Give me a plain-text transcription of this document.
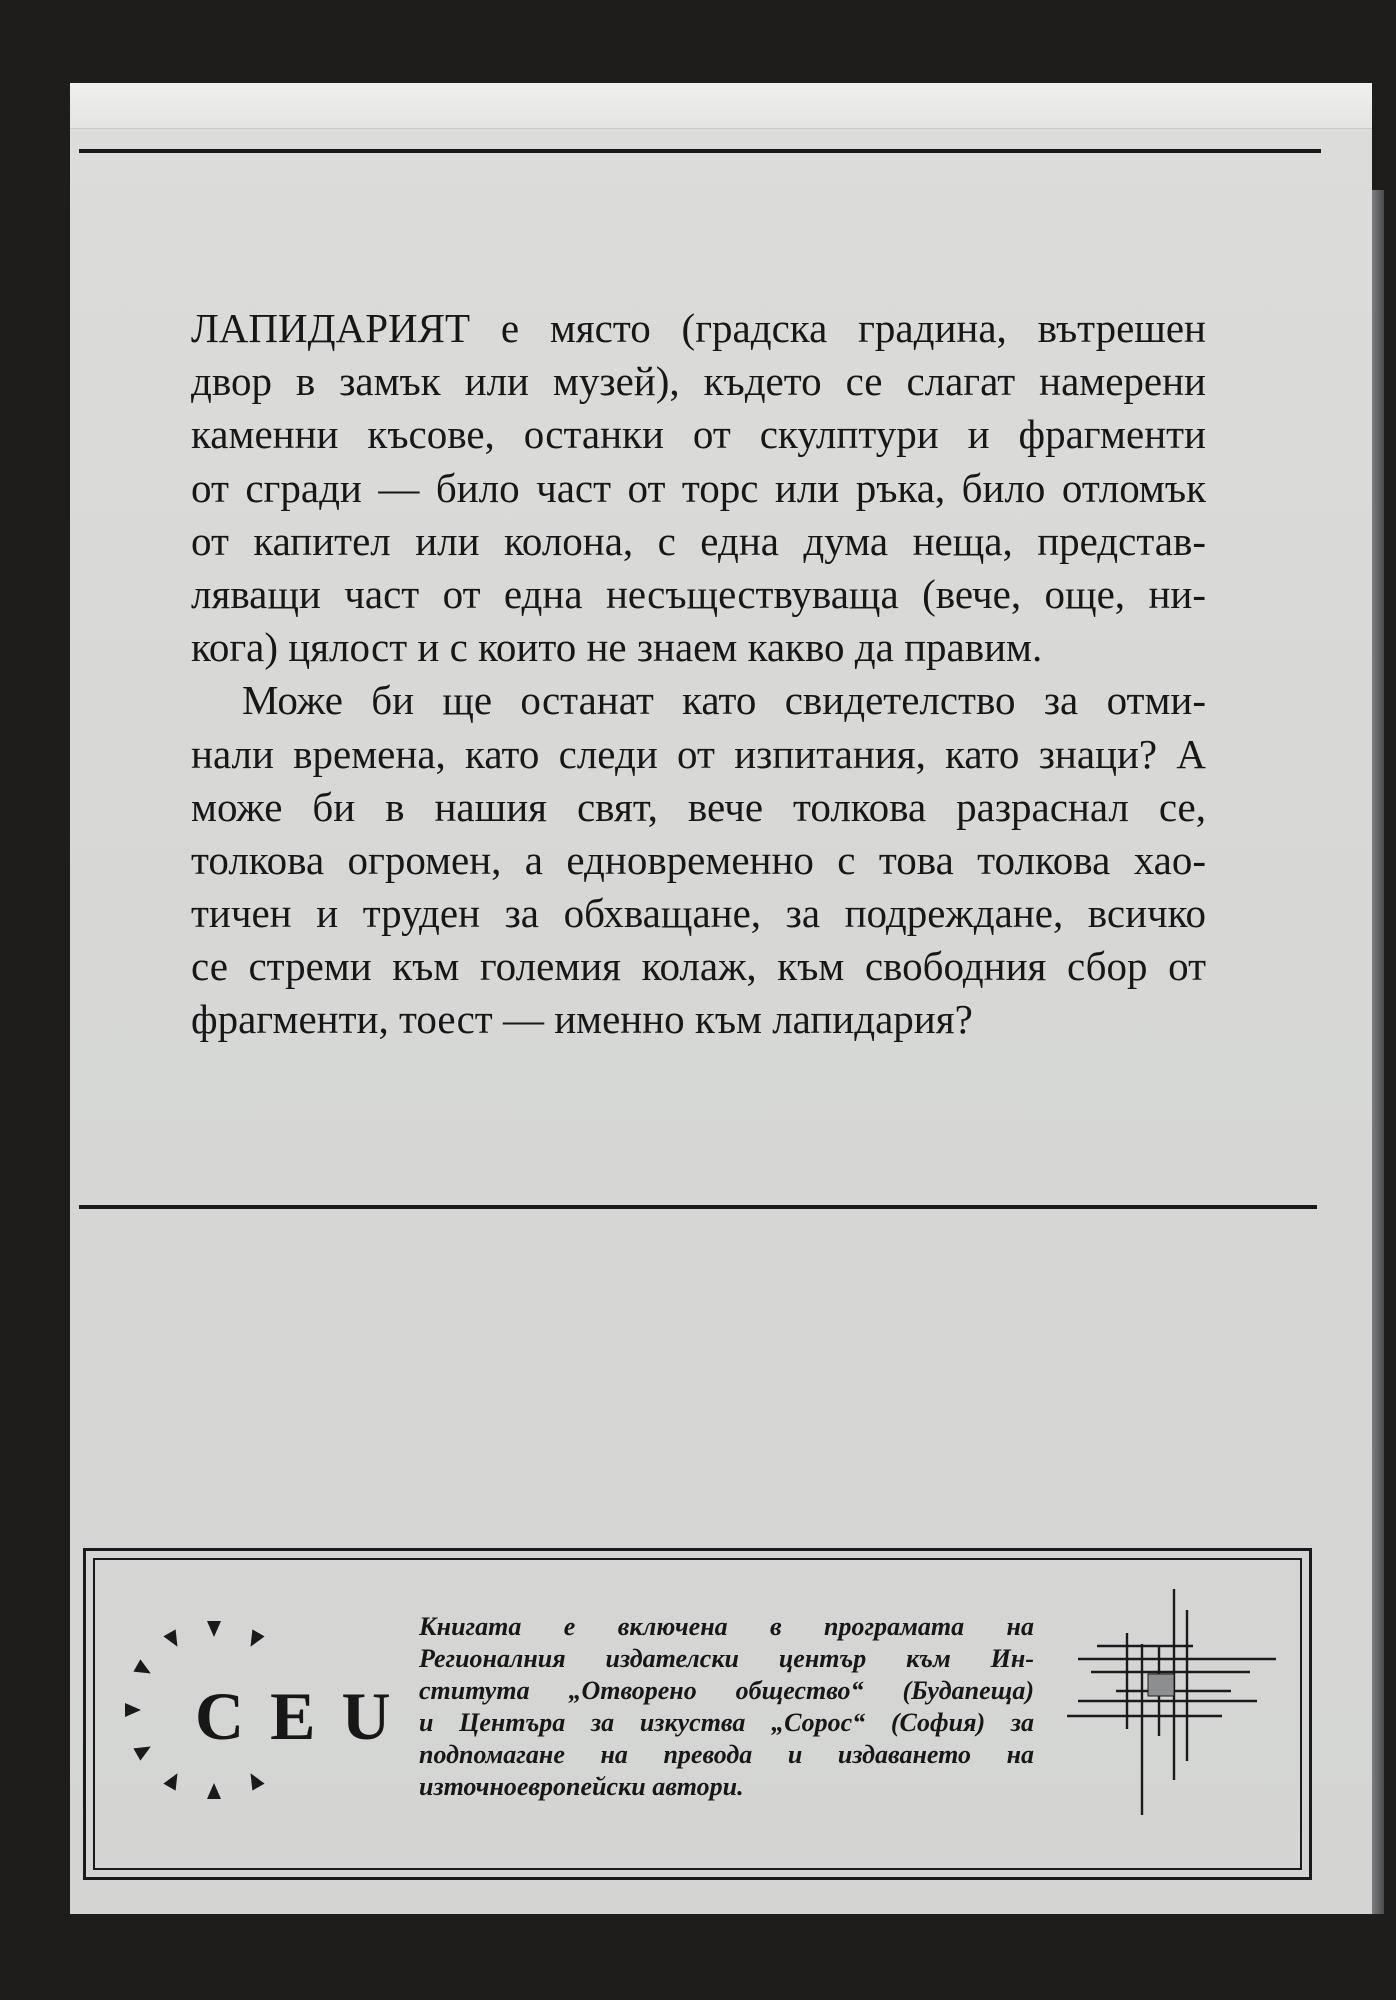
ЛАПИДАРИЯТ е място (градска градина, вътрешен
двор в замък или музей), където се слагат намерени
каменни късове, останки от скулптури и фрагменти
от сгради — било част от торс или ръка, било отломък
от капител или колона, с една дума неща, представ-
ляващи част от една несъществуваща (вече, още, ни-
кога) цялост и с които не знаем какво да правим.
Може би ще останат като свидетелство за отми-
нали времена, като следи от изпитания, като знаци? А
може би в нашия свят, вече толкова разраснал се,
толкова огромен, а едновременно с това толкова хао-
тичен и труден за обхващане, за подреждане, всичко
се стреми към големия колаж, към свободния сбор от
фрагменти, тоест — именно към лапидария?
CEU
Книгата е включена в програмата на
Регионалния издателски център към Ин-
ститута „Отворено общество“ (Будапеща)
и Центъра за изкуства „Сорос“ (София) за
подпомагане на превода и издаването на
източноевропейски автори.
